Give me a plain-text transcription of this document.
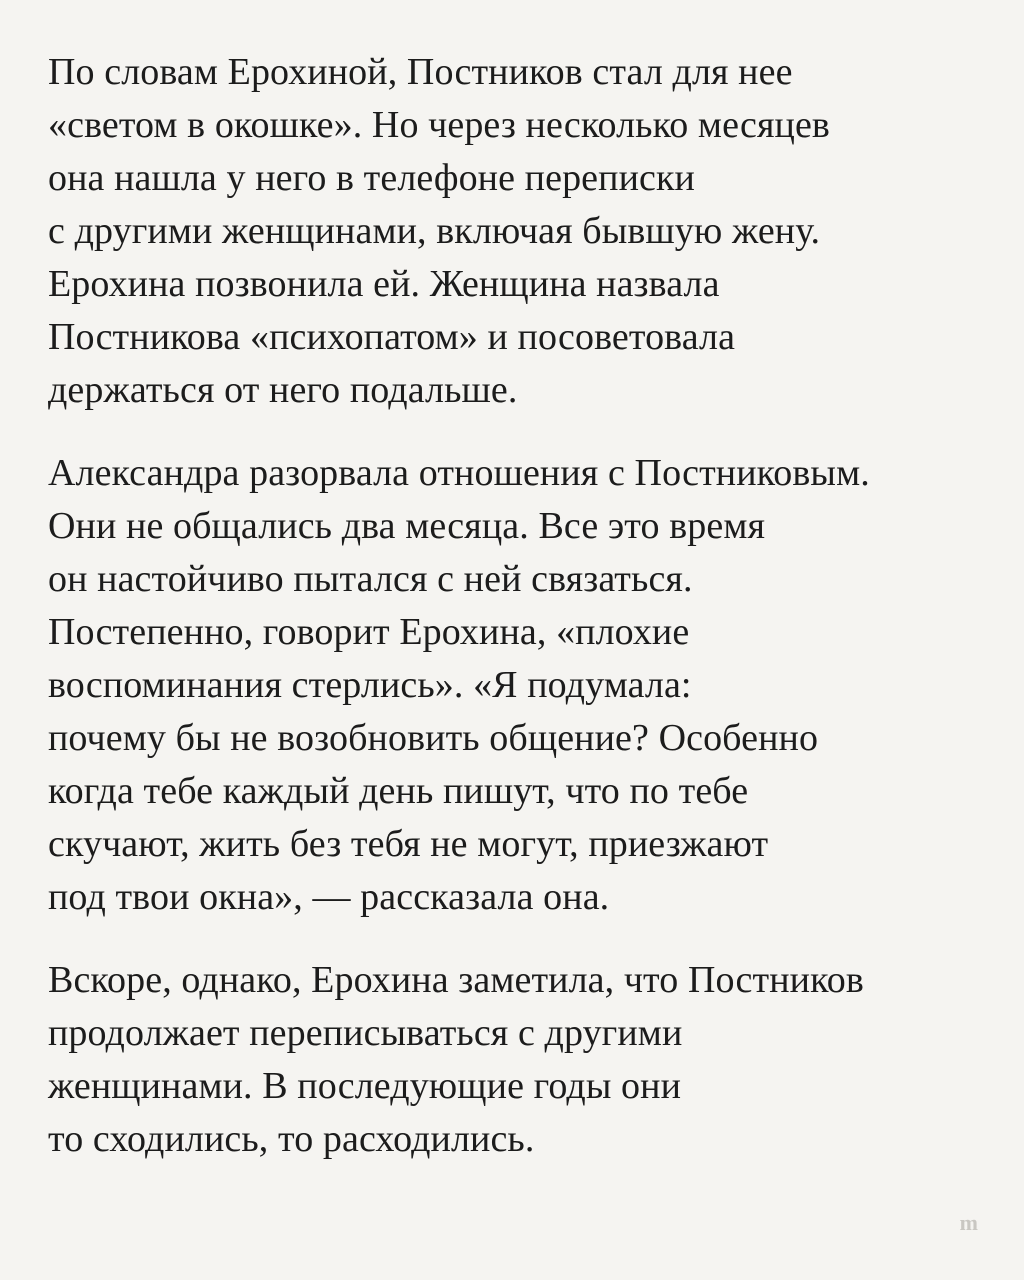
По словам Ерохиной, Постников стал для нее
«светом в окошке». Но через несколько месяцев
она нашла у него в телефоне переписки
с другими женщинами, включая бывшую жену.
Ерохина позвонила ей. Женщина назвала
Постникова «психопатом» и посоветовала
держаться от него подальше.

Александра разорвала отношения с Постниковым.
Они не общались два месяца. Все это время
он настойчиво пытался с ней связаться.
Постепенно, говорит Ерохина, «плохие
воспоминания стерлись». «Я подумала:
почему бы не возобновить общение? Особенно
когда тебе каждый день пишут, что по тебе
скучают, жить без тебя не могут, приезжают
под твои окна», — рассказала она.

Вскоре, однако, Ерохина заметила, что Постников
продолжает переписываться с другими
женщинами. В последующие годы они
то сходились, то расходились.

m
